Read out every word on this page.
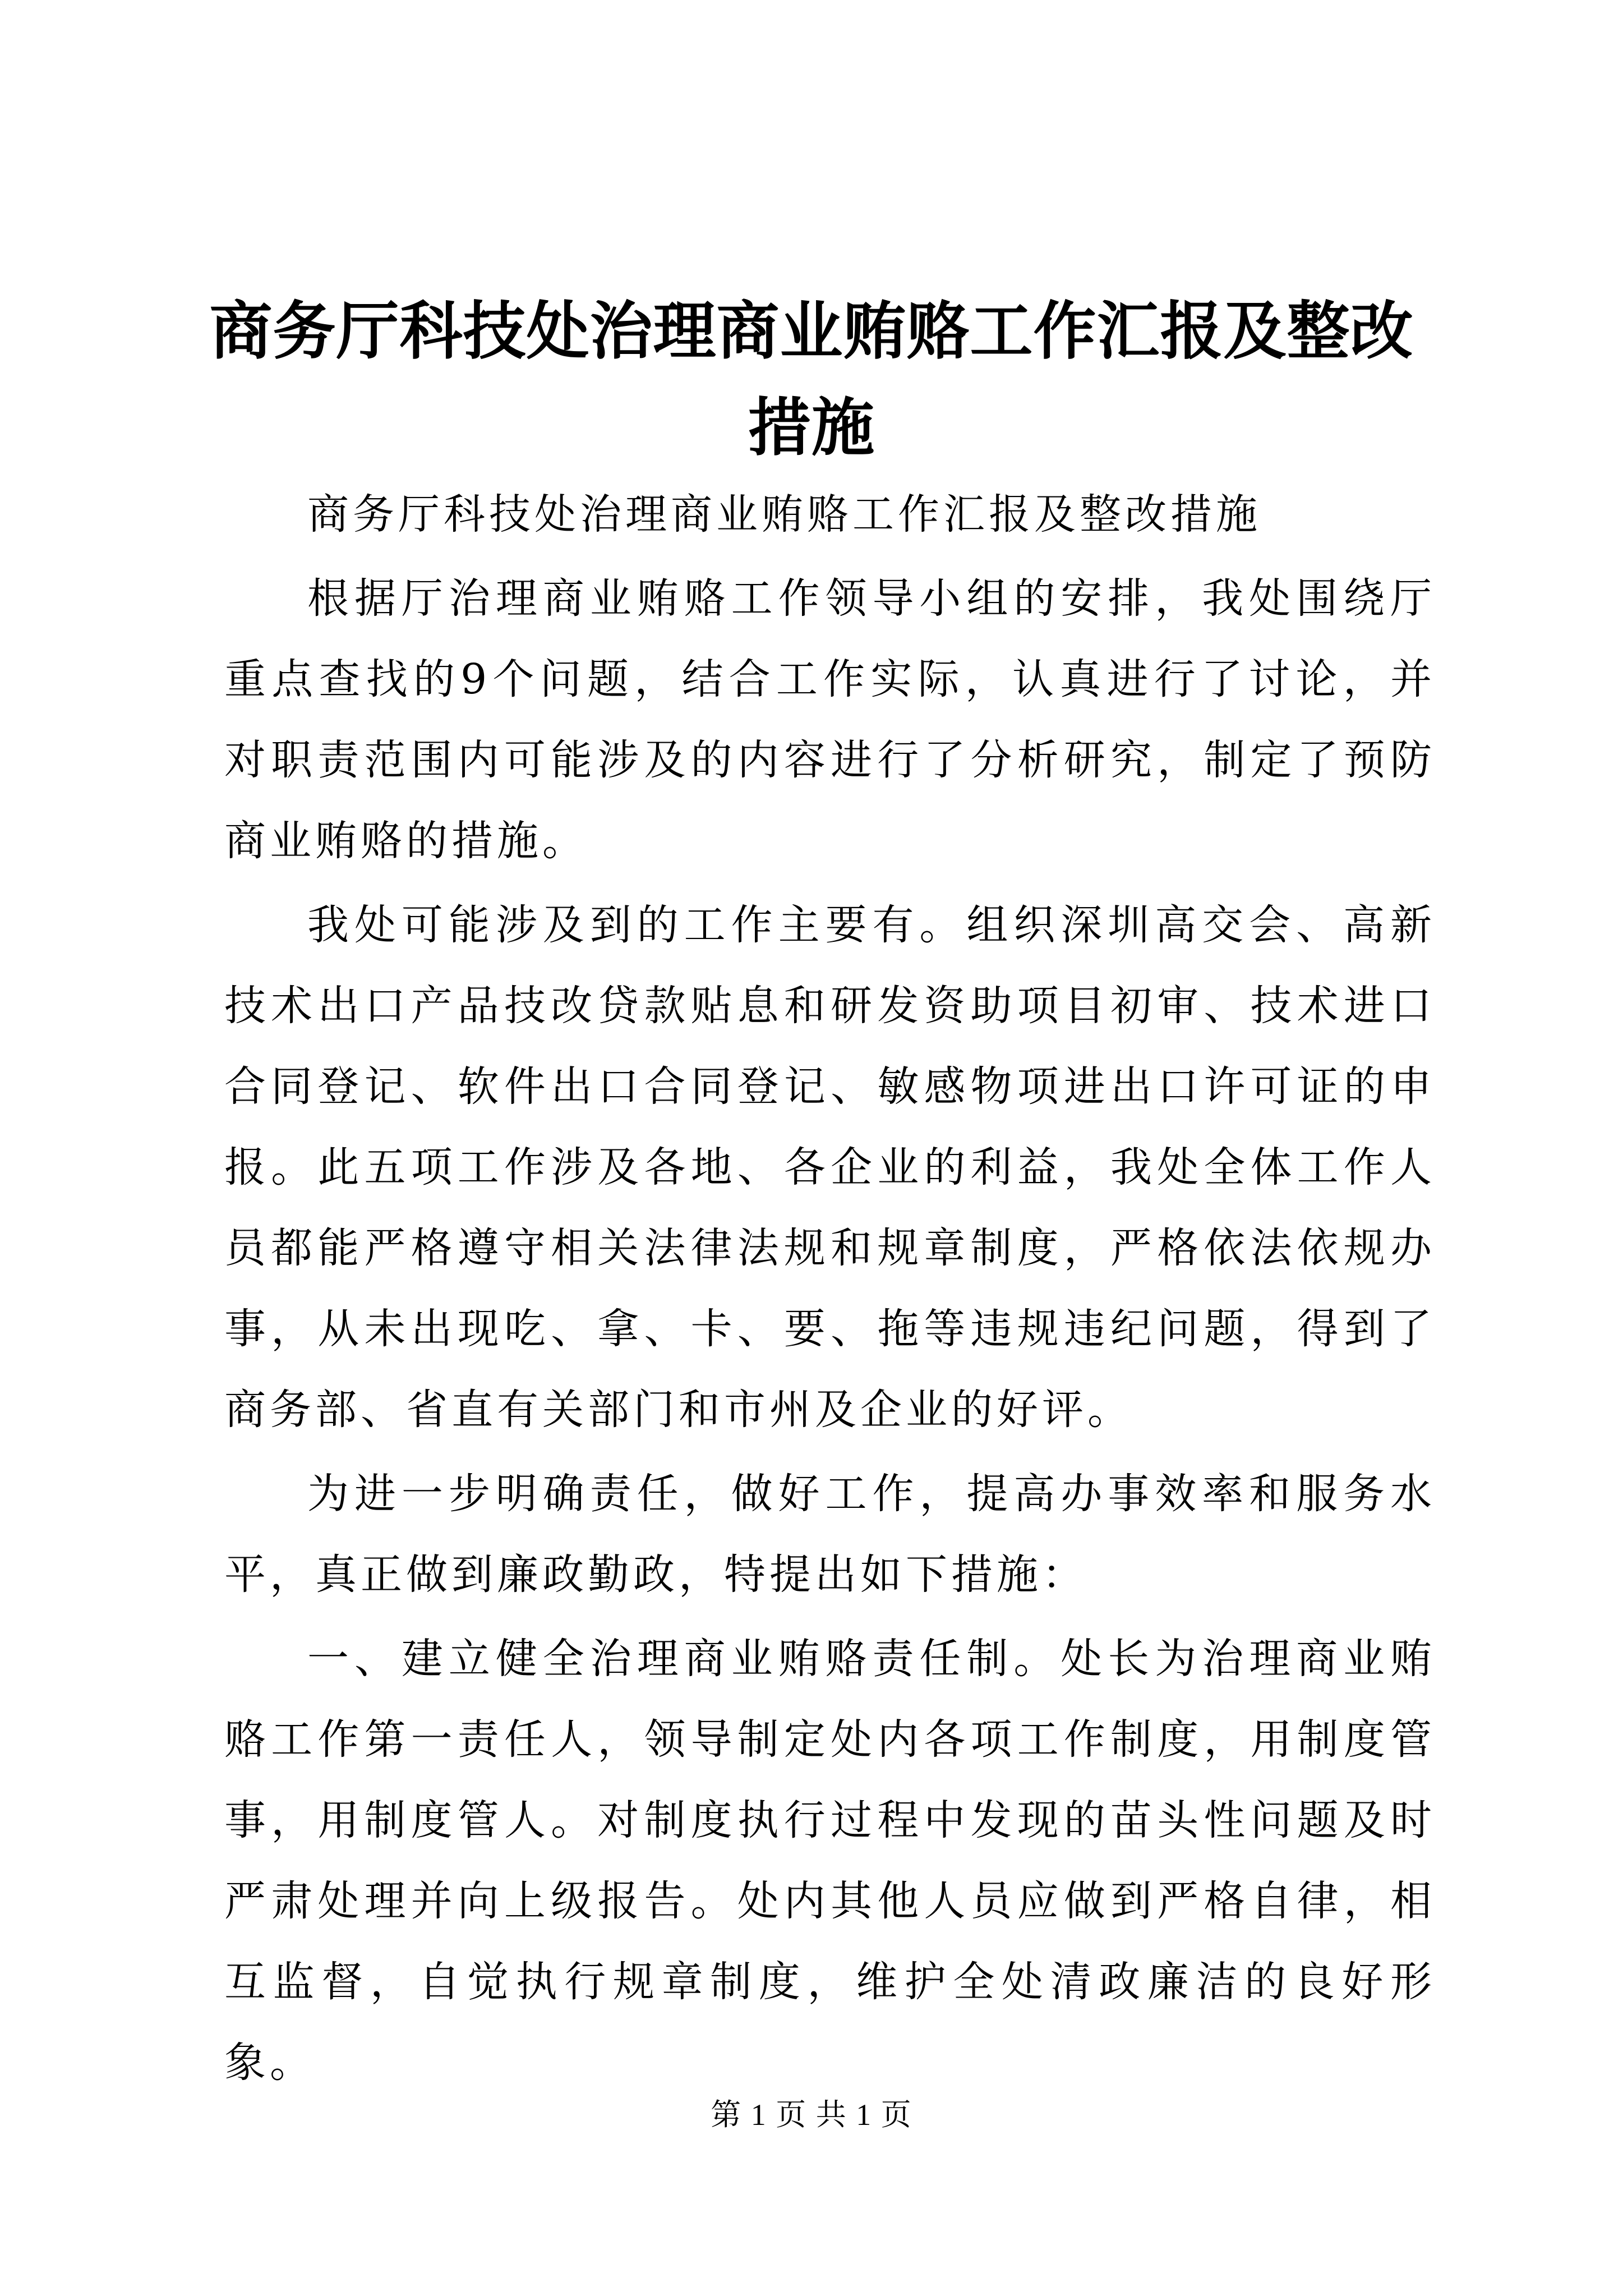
商务厅科技处治理商业贿赂工作汇报及整改措施

商务厅科技处治理商业贿赂工作汇报及整改措施

根据厅治理商业贿赂工作领导小组的安排，我处围绕厅重点查找的9个问题，结合工作实际，认真进行了讨论，并对职责范围内可能涉及的内容进行了分析研究，制定了预防商业贿赂的措施。

我处可能涉及到的工作主要有。组织深圳高交会、高新技术出口产品技改贷款贴息和研发资助项目初审、技术进口合同登记、软件出口合同登记、敏感物项进出口许可证的申报。此五项工作涉及各地、各企业的利益，我处全体工作人员都能严格遵守相关法律法规和规章制度，严格依法依规办事，从未出现吃、拿、卡、要、拖等违规违纪问题，得到了商务部、省直有关部门和市州及企业的好评。

为进一步明确责任，做好工作，提高办事效率和服务水平，真正做到廉政勤政，特提出如下措施：

一、建立健全治理商业贿赂责任制。处长为治理商业贿赂工作第一责任人，领导制定处内各项工作制度，用制度管事，用制度管人。对制度执行过程中发现的苗头性问题及时严肃处理并向上级报告。处内其他人员应做到严格自律，相互监督，自觉执行规章制度，维护全处清政廉洁的良好形象。

第 1 页 共 1 页
